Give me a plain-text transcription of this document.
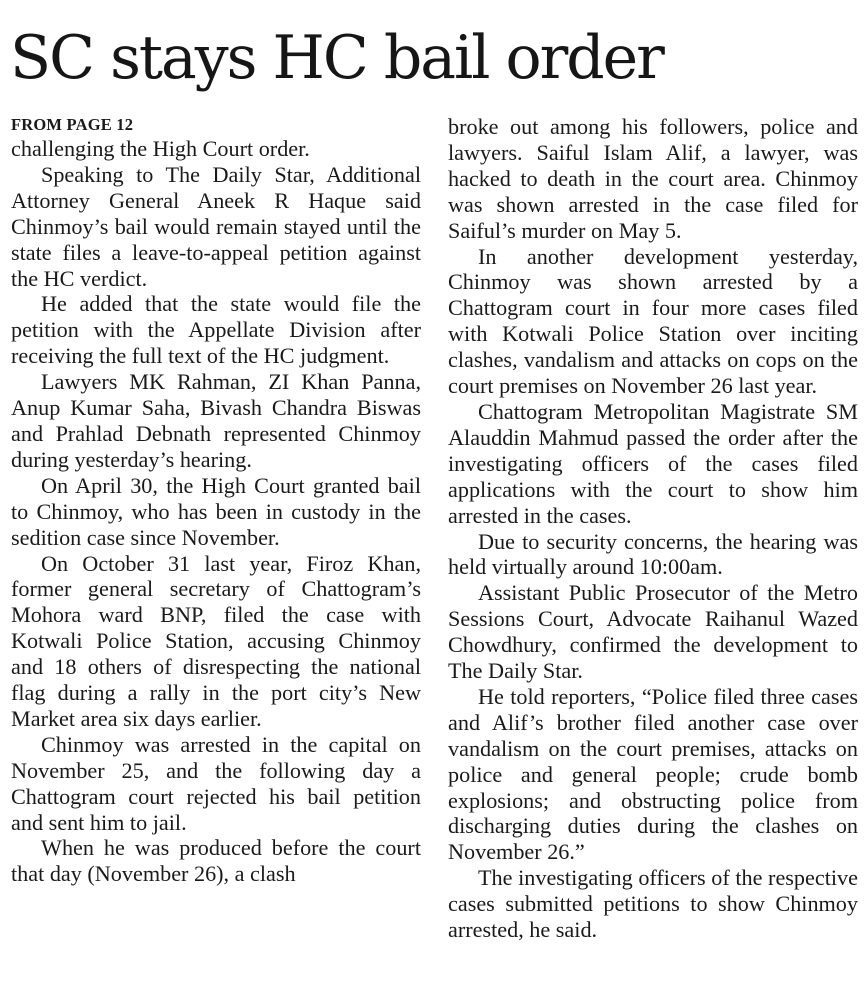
SC stays HC bail order
FROM PAGE 12

challenging the High Court order.

Speaking to The Daily Star, Additional Attorney General Aneek R Haque said Chinmoy’s bail would remain stayed until the state files a leave-to-appeal petition against the HC verdict.

He added that the state would file the petition with the Appellate Division after receiving the full text of the HC judgment.

Lawyers MK Rahman, ZI Khan Panna, Anup Kumar Saha, Bivash Chandra Biswas and Prahlad Debnath represented Chinmoy during yesterday’s hearing.

On April 30, the High Court granted bail to Chinmoy, who has been in custody in the sedition case since November.

On October 31 last year, Firoz Khan, former general secretary of Chattogram’s Mohora ward BNP, filed the case with Kotwali Police Station, accusing Chinmoy and 18 others of disrespecting the national flag during a rally in the port city’s New Market area six days earlier.

Chinmoy was arrested in the capital on November 25, and the following day a Chattogram court rejected his bail petition and sent him to jail.

When he was produced before the court that day (November 26), a clash

broke out among his followers, police and lawyers. Saiful Islam Alif, a lawyer, was hacked to death in the court area. Chinmoy was shown arrested in the case filed for Saiful’s murder on May 5.

In another development yesterday, Chinmoy was shown arrested by a Chattogram court in four more cases filed with Kotwali Police Station over inciting clashes, vandalism and attacks on cops on the court premises on November 26 last year.

Chattogram Metropolitan Magistrate SM Alauddin Mahmud passed the order after the investigating officers of the cases filed applications with the court to show him arrested in the cases.

Due to security concerns, the hearing was held virtually around 10:00am.

Assistant Public Prosecutor of the Metro Sessions Court, Advocate Raihanul Wazed Chowdhury, confirmed the development to The Daily Star.

He told reporters, “Police filed three cases and Alif’s brother filed another case over vandalism on the court premises, attacks on police and general people; crude bomb explosions; and obstructing police from discharging duties during the clashes on November 26.”

The investigating officers of the respective cases submitted petitions to show Chinmoy arrested, he said.
